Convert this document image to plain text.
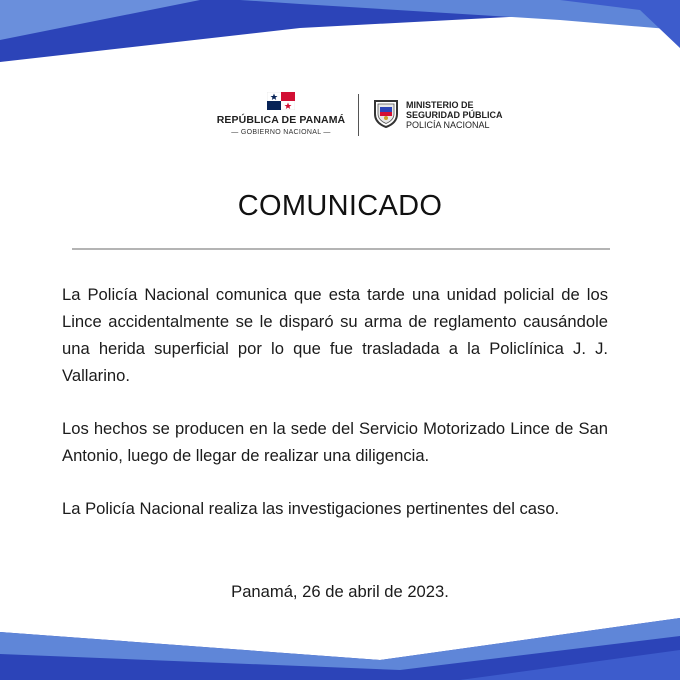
REPÚBLICA DE PANAMÁ
— GOBIERNO NACIONAL —
MINISTERIO DE
SEGURIDAD PÚBLICA
POLICÍA NACIONAL
COMUNICADO

La Policía Nacional comunica que esta tarde una unidad policial de los Lince accidentalmente se le disparó su arma de reglamento causándole una herida superficial por lo que fue trasladada a la Policlínica J. J. Vallarino.

Los hechos se producen en la sede del Servicio Motorizado Lince de San Antonio, luego de llegar de realizar una diligencia.

La Policía Nacional realiza las investigaciones pertinentes del caso.

Panamá, 26 de abril de 2023.
